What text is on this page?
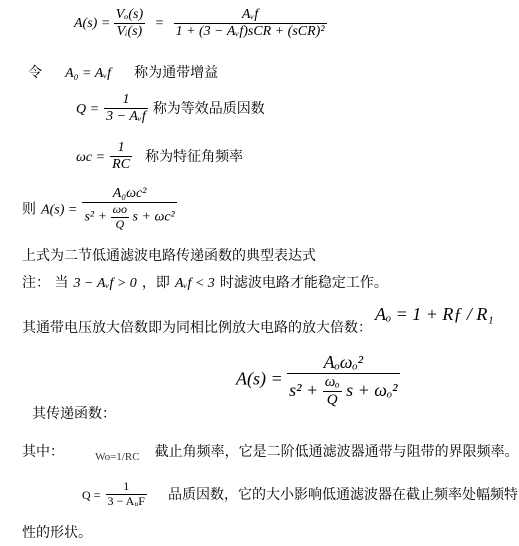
$A(s) = \frac{\text{Vₒ(s)}}{\text{Vᵢ(s)}} = \frac{\text{Aᵥf}}{\text{1 + (3 − Aᵥf)sCR + (sCR)²}}$
令 A₀ = Aᵥf 称为通带增益
$Q = \frac{1}{\text{3 − Aᵥf}}$ 称为等效品质因数
$\omega c = \frac{1}{RC}$ 称为特征角频率
则 $A(s) = \frac{\text{A₀ωc²}}{s^2 + \frac{\omega o}{Q} s + \omega c^2}$
上式为二节低通滤波电路传递函数的典型表达式
注： 当 3 − Aᵥf > 0 ，即 Aᵥf < 3 时滤波电路才能稳定工作。
其通带电压放大倍数即为同相比例放大电路的放大倍数：
Aₒ = 1 + Rƒ / R₁
$A(s) = \frac{\text{Aₒωₒ²}}{s^2 + \frac{\text{ωₒ}}{Q} s + \omega_o^2}$
其传递函数：
其中：	$_{Wo=1/RC}$ 截止角频率，它是二阶低通滤波器通带与阻带的界限频率。
$Q = \frac{1}{\text{3 − AᵤF}}$ 品质因数，它的大小影响低通滤波器在截止频率处幅频特
性的形状。
